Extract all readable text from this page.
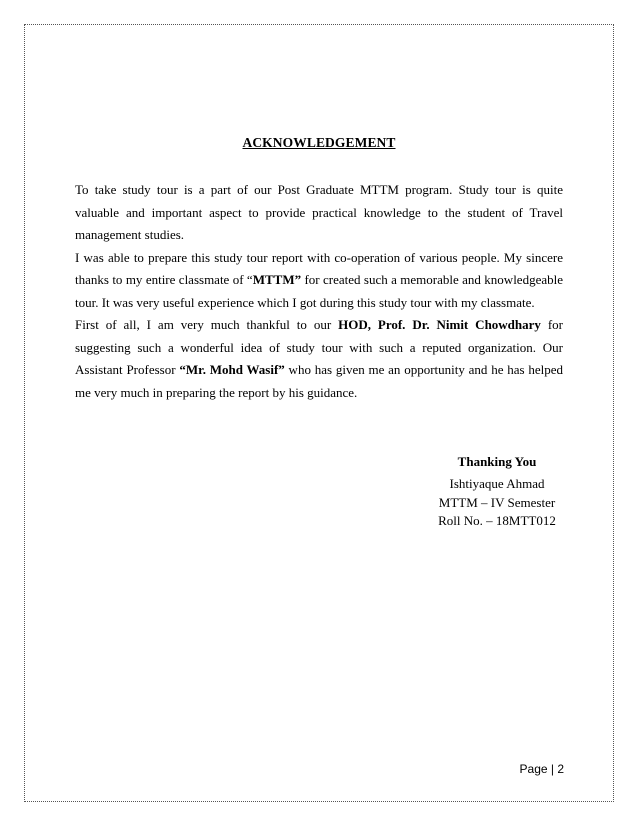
ACKNOWLEDGEMENT

To take study tour is a part of our Post Graduate MTTM program. Study tour is quite valuable and important aspect to provide practical knowledge to the student of Travel management studies.

I was able to prepare this study tour report with co-operation of various people. My sincere thanks to my entire classmate of “MTTM” for created such a memorable and knowledgeable tour. It was very useful experience which I got during this study tour with my classmate.

First of all, I am very much thankful to our HOD, Prof. Dr. Nimit Chowdhary for suggesting such a wonderful idea of study tour with such a reputed organization. Our Assistant Professor “Mr. Mohd Wasif” who has given me an opportunity and he has helped me very much in preparing the report by his guidance.

Thanking You
Ishtiyaque Ahmad
MTTM – IV Semester
Roll No. – 18MTT012
Page | 2
